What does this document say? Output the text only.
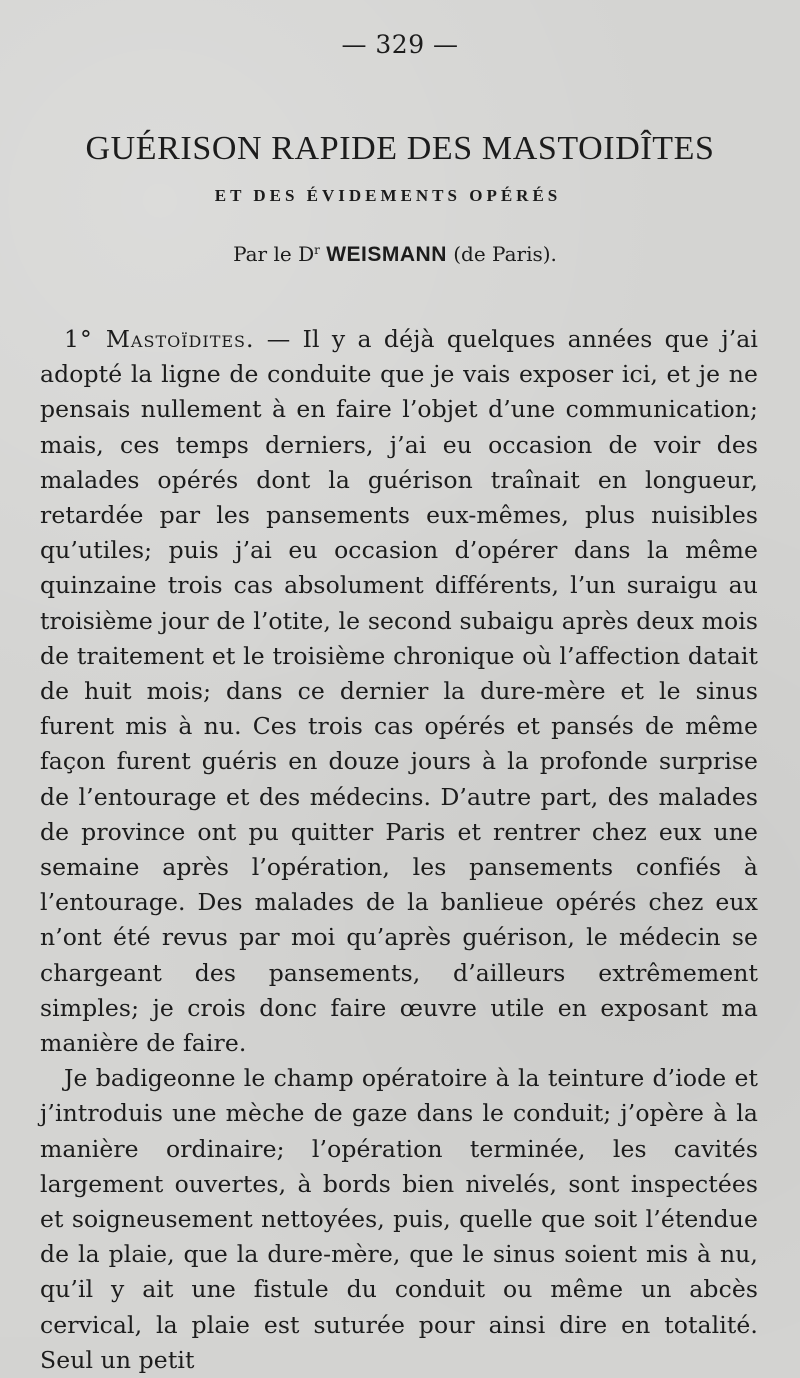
— 329 —
GUÉRISON RAPIDE DES MASTOIDÎTES
ET DES ÉVIDEMENTS OPÉRÉS

Par le $D^r$ WEISMANN (de Paris).

1° Mastoïdites. — Il y a déjà quelques années que j’ai adopté la ligne de conduite que je vais exposer ici, et je ne pensais nullement à en faire l’objet d’une communication; mais, ces temps derniers, j’ai eu occasion de voir des malades opérés dont la guérison traînait en longueur, retardée par les pansements eux-mêmes, plus nuisibles qu’utiles; puis j’ai eu occasion d’opérer dans la même quinzaine trois cas absolument différents, l’un suraigu au troisième jour de l’otite, le second subaigu après deux mois de traitement et le troisième chronique où l’affection datait de huit mois; dans ce dernier la dure-mère et le sinus furent mis à nu. Ces trois cas opérés et pansés de même façon furent guéris en douze jours à la profonde surprise de l’entourage et des médecins. D’autre part, des malades de province ont pu quitter Paris et rentrer chez eux une semaine après l’opération, les pansements confiés à l’entourage. Des malades de la banlieue opérés chez eux n’ont été revus par moi qu’après guérison, le médecin se chargeant des pansements, d’ailleurs extrêmement simples; je crois donc faire œuvre utile en exposant ma manière de faire.

Je badigeonne le champ opératoire à la teinture d’iode et j’introduis une mèche de gaze dans le conduit; j’opère à la manière ordinaire; l’opération terminée, les cavités largement ouvertes, à bords bien nivelés, sont inspectées et soigneusement nettoyées, puis, quelle que soit l’étendue de la plaie, que la dure-mère, que le sinus soient mis à nu, qu’il y ait une fistule du conduit ou même un abcès cervical, la plaie est suturée pour ainsi dire en totalité. Seul un petit
